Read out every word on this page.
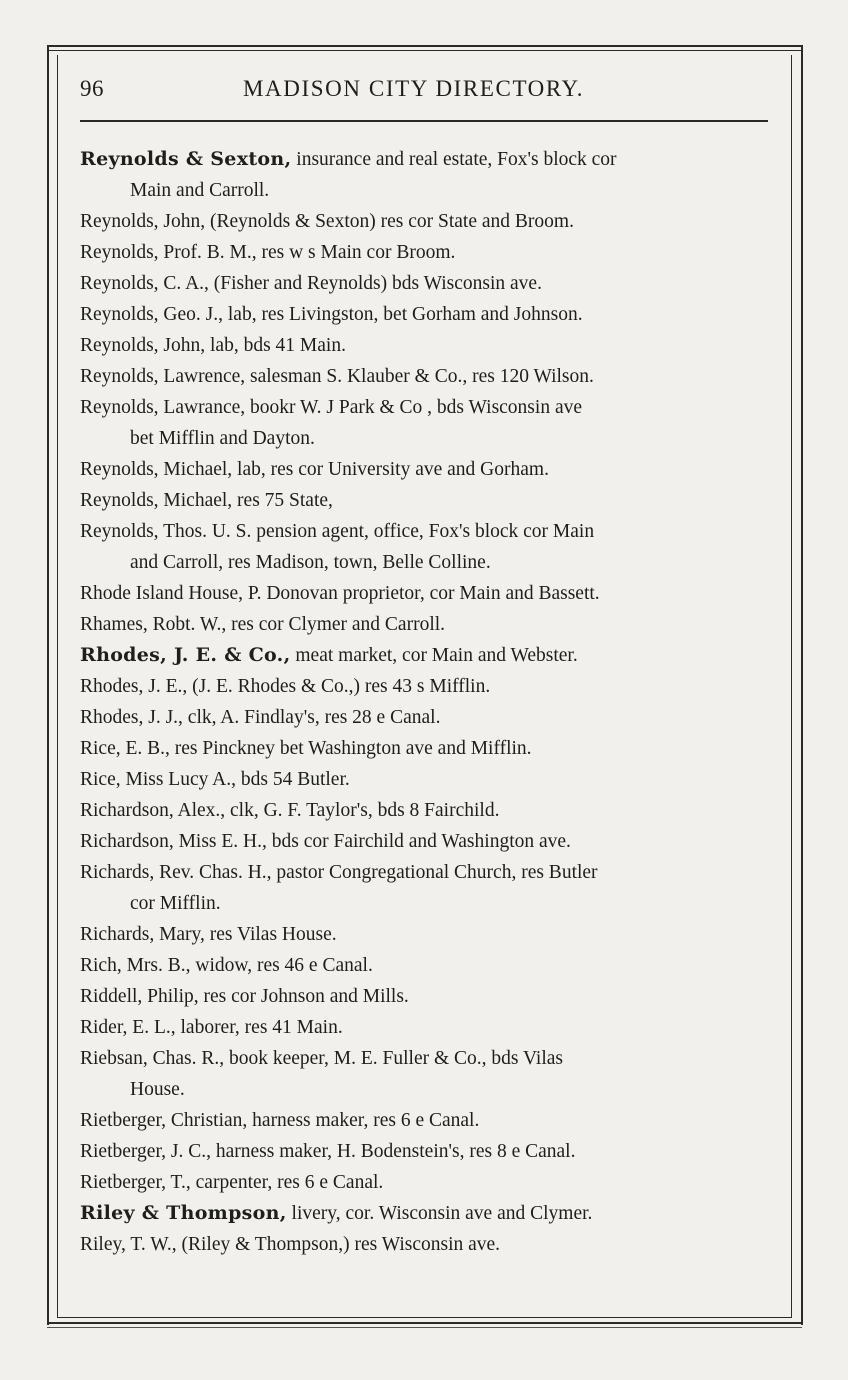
96	MADISON CITY DIRECTORY.
Reynolds & Sexton, insurance and real estate, Fox's block cor
Main and Carroll.
Reynolds, John, (Reynolds & Sexton) res cor State and Broom.
Reynolds, Prof. B. M., res w s Main cor Broom.
Reynolds, C. A., (Fisher and Reynolds) bds Wisconsin ave.
Reynolds, Geo. J., lab, res Livingston, bet Gorham and Johnson.
Reynolds, John, lab, bds 41 Main.
Reynolds, Lawrence, salesman S. Klauber & Co., res 120 Wilson.
Reynolds, Lawrance, bookr W. J Park & Co , bds Wisconsin ave
bet Mifflin and Dayton.
Reynolds, Michael, lab, res cor University ave and Gorham.
Reynolds, Michael, res 75 State,
Reynolds, Thos. U. S. pension agent, office, Fox's block cor Main
and Carroll, res Madison, town, Belle Colline.
Rhode Island House, P. Donovan proprietor, cor Main and Bassett.
Rhames, Robt. W., res cor Clymer and Carroll.
Rhodes, J. E. & Co., meat market, cor Main and Webster.
Rhodes, J. E., (J. E. Rhodes & Co.,) res 43 s Mifflin.
Rhodes, J. J., clk, A. Findlay's, res 28 e Canal.
Rice, E. B., res Pinckney bet Washington ave and Mifflin.
Rice, Miss Lucy A., bds 54 Butler.
Richardson, Alex., clk, G. F. Taylor's, bds 8 Fairchild.
Richardson, Miss E. H., bds cor Fairchild and Washington ave.
Richards, Rev. Chas. H., pastor Congregational Church, res Butler
cor Mifflin.
Richards, Mary, res Vilas House.
Rich, Mrs. B., widow, res 46 e Canal.
Riddell, Philip, res cor Johnson and Mills.
Rider, E. L., laborer, res 41 Main.
Riebsan, Chas. R., book keeper, M. E. Fuller & Co., bds Vilas
House.
Rietberger, Christian, harness maker, res 6 e Canal.
Rietberger, J. C., harness maker, H. Bodenstein's, res 8 e Canal.
Rietberger, T., carpenter, res 6 e Canal.
Riley & Thompson, livery, cor. Wisconsin ave and Clymer.
Riley, T. W., (Riley & Thompson,) res Wisconsin ave.
